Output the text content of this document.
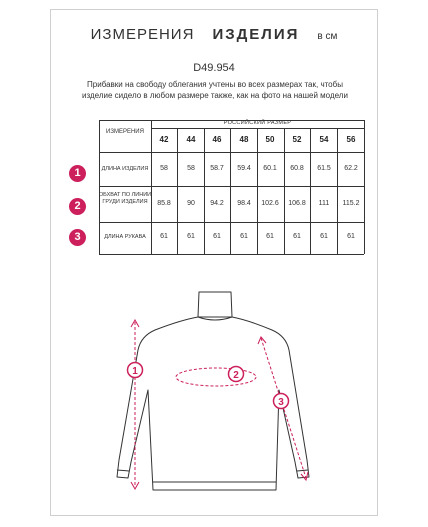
ИЗМЕРЕНИЯ ИЗДЕЛИЯ в см
D49.954
Прибавки на свободу облегания учтены во всех размерах так, чтобы изделие сидело в любом размере также, как на фото на нашей модели
1
2
3
РОССИЙСКИЙ РАЗМЕР
ИЗМЕРЕНИЯ
42	44	46	48	50	52	54	56
ДЛИНА ИЗДЕЛИЯ	58	58	58.7	59.4	60.1	60.8	61.5	62.2
ОБХВАТ ПО ЛИНИИ ГРУДИ ИЗДЕЛИЯ	85.8	90	94.2	98.4	102.6	106.8	111	115.2
ДЛИНА РУКАВА	61	61	61	61	61	61	61	61
1	2
3
